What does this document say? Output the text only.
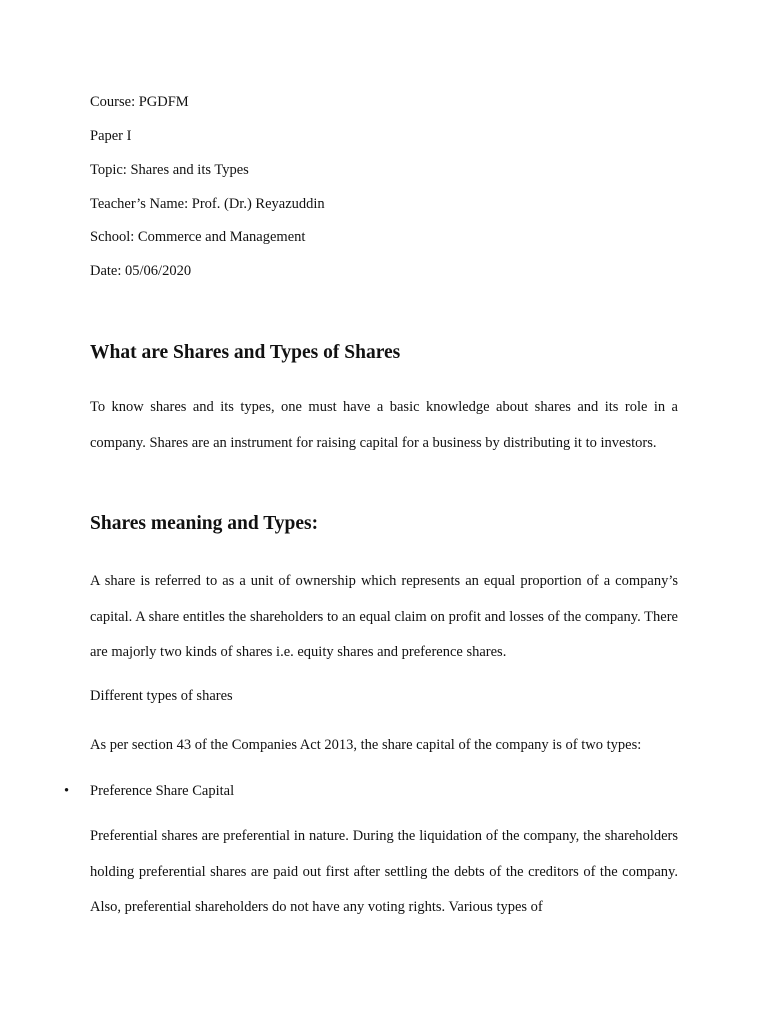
Course: PGDFM
Paper I
Topic: Shares and its Types
Teacher’s Name: Prof. (Dr.) Reyazuddin
School: Commerce and Management
Date: 05/06/2020
What are Shares and Types of Shares

To know shares and its types, one must have a basic knowledge about shares and its role in a company. Shares are an instrument for raising capital for a business by distributing it to investors.

Shares meaning and Types:

A share is referred to as a unit of ownership which represents an equal proportion of a company’s capital. A share entitles the shareholders to an equal claim on profit and losses of the company. There are majorly two kinds of shares i.e. equity shares and preference shares.

Different types of shares
As per section 43 of the Companies Act 2013, the share capital of the company is of two types:
• Preference Share Capital

Preferential shares are preferential in nature. During the liquidation of the company, the shareholders holding preferential shares are paid out first after settling the debts of the creditors of the company. Also, preferential shareholders do not have any voting rights. Various types of
